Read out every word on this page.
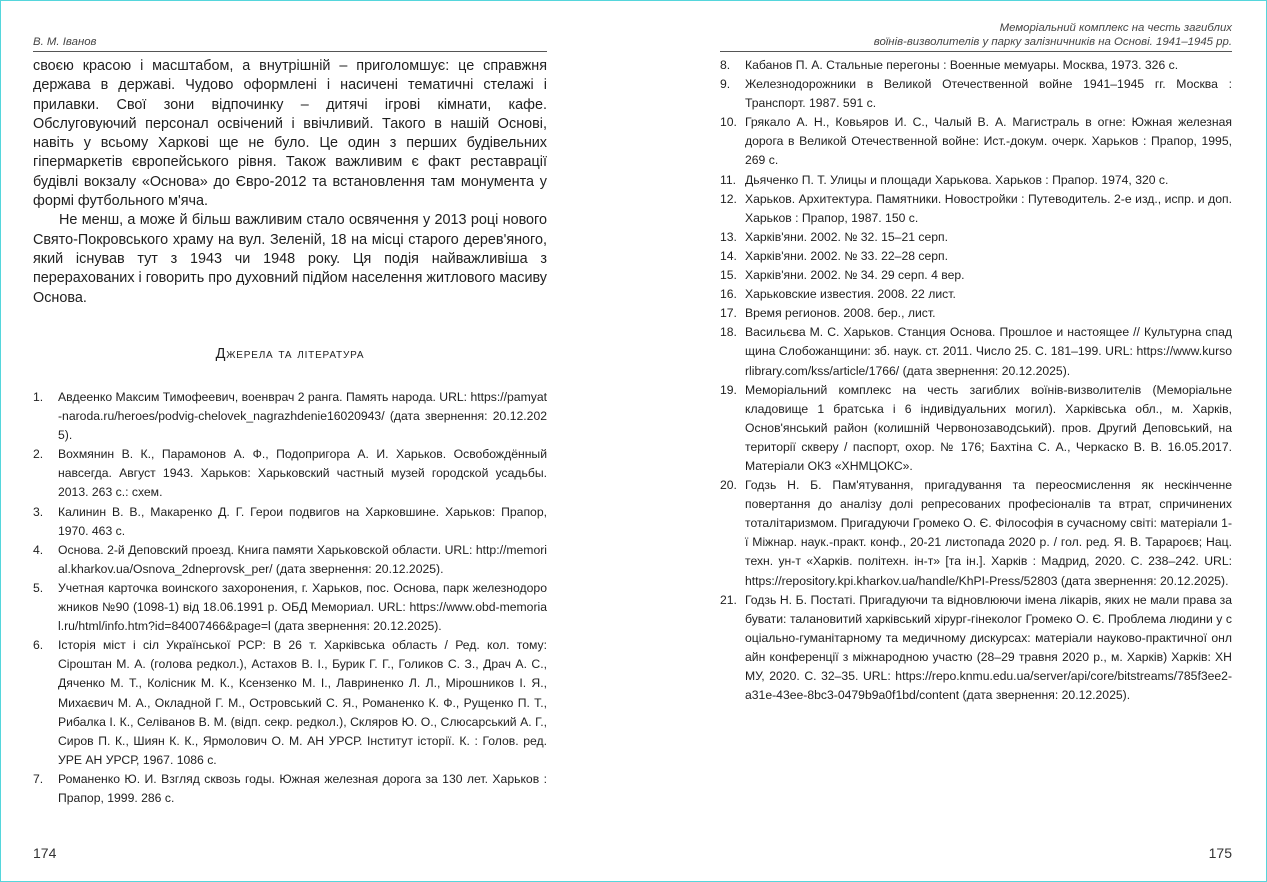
В. М. Іванов

своєю красою і масштабом, а внутрішній – приголомшує: це справжня держава в державі. Чудово оформлені і насичені тематичні стелажі і прилавки. Свої зони відпочинку – дитячі ігрові кімнати, кафе. Обслуговуючий персонал освічений і ввічливий. Такого в нашій Основі, навіть у всьому Харкові ще не було. Це один з перших будівельних гіпермаркетів європейського рівня. Також важливим є факт реставрації будівлі вокзалу «Основа» до Євро-2012 та встановлення там монумента у формі футбольного м'яча.

Не менш, а може й більш важливим стало освячення у 2013 році нового Свято-Покровського храму на вул. Зеленій, 18 на місці старого дерев'яного, який існував тут з 1943 чи 1948 року. Ця подія найважливіша з перерахованих і говорить про духовний підйом населення житлового масиву Основа.

Джерела та література
1. Авдеенко Максим Тимофеевич, военврач 2 ранга. Память народа. URL: https://pamyat-naroda.ru/heroes/podvig-chelovek_nagrazhdenie16020943/ (дата звернення: 20.12.2025).
2. Вохмянин В. К., Парамонов А. Ф., Подопригора А. И. Харьков. Освобождённый навсегда. Август 1943. Харьков: Харьковский частный музей городской усадьбы. 2013. 263 с.: схем.
3. Калинин В. В., Макаренко Д. Г. Герои подвигов на Харковшине. Харьков: Прапор, 1970. 463 с.
4. Основа. 2-й Деповский проезд. Книга памяти Харьковской области. URL: http://memorial.kharkov.ua/Osnova_2dneprovsk_per/ (дата звернення: 20.12.2025).
5. Учетная карточка воинского захоронения, г. Харьков, пос. Основа, парк железнодорожников №90 (1098-1) від 18.06.1991 р. ОБД Мемориал. URL: https://www.obd-memorial.ru/html/info.htm?id=84007466&page=l (дата звернення: 20.12.2025).
6. Історія міст і сіл Української РСР: В 26 т. Харківська область / Ред. кол. тому: Сіроштан М. А. (голова редкол.), Астахов В. І., Бурик Г. Г., Голиков С. З., Драч А. С., Дяченко М. Т., Колісник М. К., Ксензенко М. І., Лавриненко Л. Л., Мірошников І. Я., Михаєвич М. А., Окладной Г. М., Островський С. Я., Романенко К. Ф., Рущенко П. Т., Рибалка І. К., Селіванов В. М. (відп. секр. редкол.), Скляров Ю. О., Слюсарський А. Г., Сиров П. К., Шиян К. К., Ярмолович О. М. АН УРСР. Інститут історії. К. : Голов. ред. УРЕ АН УРСР, 1967. 1086 с.
7. Романенко Ю. И. Взгляд сквозь годы. Южная железная дорога за 130 лет. Харьков : Прапор, 1999. 286 с.
174
Меморіальний комплекс на честь загиблих
воїнів-визволителів у парку залізничників на Основі. 1941–1945 рр.
8. Кабанов П. А. Стальные перегоны : Военные мемуары. Москва, 1973. 326 с.
9. Железнодорожники в Великой Отечественной войне 1941–1945 гг. Москва : Транспорт. 1987. 591 с.
10. Грякало А. Н., Ковьяров И. С., Чалый В. А. Магистраль в огне: Южная железная дорога в Великой Отечественной войне: Ист.-докум. очерк. Харьков : Прапор, 1995, 269 с.
11. Дьяченко П. Т. Улицы и площади Харькова. Харьков : Прапор. 1974, 320 с.
12. Харьков. Архитектура. Памятники. Новостройки : Путеводитель. 2-е изд., испр. и доп. Харьков : Прапор, 1987. 150 с.
13. Харків'яни. 2002. № 32. 15–21 серп.
14. Харків'яни. 2002. № 33. 22–28 серп.
15. Харків'яни. 2002. № 34. 29 серп. 4 вер.
16. Харьковские известия. 2008. 22 лист.
17. Время регионов. 2008. бер., лист.
18. Васильєва М. С. Харьков. Станция Основа. Прошлое и настоящее // Культурна спадщина Слобожанщини: зб. наук. ст. 2011. Число 25. С. 181–199. URL: https://www.kursorlibrary.com/kss/article/1766/ (дата звернення: 20.12.2025).
19. Меморіальний комплекс на честь загиблих воїнів-визволителів (Меморіальне кладовище 1 братська і 6 індивідуальних могил). Харківська обл., м. Харків, Основ'янський район (колишній Червонозаводський). пров. Другий Деповський, на території скверу / паспорт, охор. № 176; Бахтіна С. А., Черкаско В. В. 16.05.2017. Матеріали ОКЗ «ХНМЦОКС».
20. Годзь Н. Б. Пам'ятування, пригадування та переосмислення як нескінченне повертання до аналізу долі репресованих професіоналів та втрат, спричинених тоталітаризмом. Пригадуючи Громеко О. Є. Філософія в сучасному світі: матеріали 1-ї Міжнар. наук.-практ. конф., 20-21 листопада 2020 р. / гол. ред. Я. В. Тарароєв; Нац. техн. ун-т «Харків. політехн. ін-т» [та ін.]. Харків : Мадрид, 2020. С. 238–242. URL: https://repository.kpi.kharkov.ua/handle/KhPI-Press/52803 (дата звернення: 20.12.2025).
21. Годзь Н. Б. Постаті. Пригадуючи та відновлюючи імена лікарів, яких не мали права забувати: талановитий харківський хірург-гінеколог Громеко О. Є. Проблема людини у соціально-гуманітарному та медичному дискурсах: матеріали науково-практичної онлайн конференції з міжнародною участю (28–29 травня 2020 р., м. Харків) Харків: ХНМУ, 2020. С. 32–35. URL: https://repo.knmu.edu.ua/server/api/core/bitstreams/785f3ee2-a31e-43ee-8bc3-0479b9a0f1bd/content (дата звернення: 20.12.2025).
175
